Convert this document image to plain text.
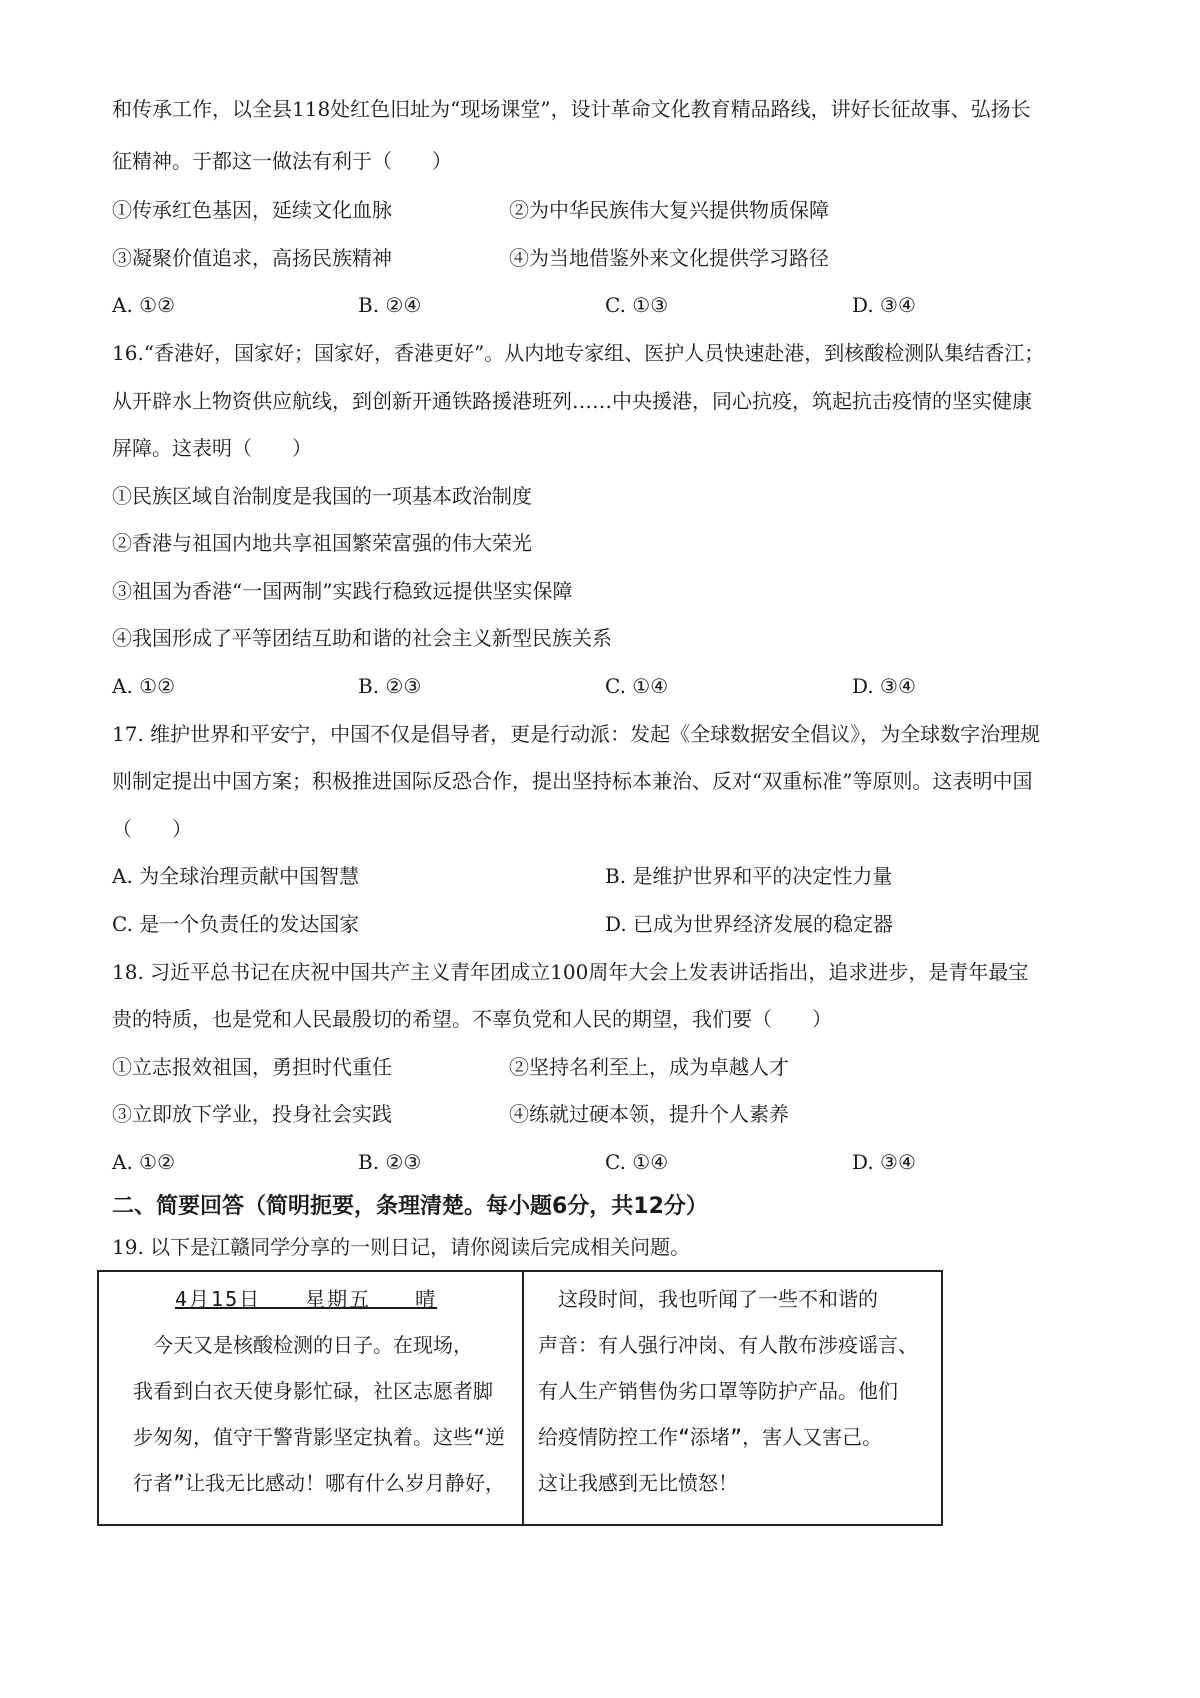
和传承工作，以全县118处红色旧址为“现场课堂”，设计革命文化教育精品路线，讲好长征故事、弘扬长
征精神。于都这一做法有利于（　　）
①传承红色基因，延续文化血脉	②为中华民族伟大复兴提供物质保障
③凝聚价值追求，高扬民族精神	④为当地借鉴外来文化提供学习路径
A. ①②	B. ②④	C. ①③	D. ③④
16.“香港好，国家好；国家好，香港更好”。从内地专家组、医护人员快速赴港，到核酸检测队集结香江；
从开辟水上物资供应航线，到创新开通铁路援港班列……中央援港，同心抗疫，筑起抗击疫情的坚实健康
屏障。这表明（　　）
①民族区域自治制度是我国的一项基本政治制度
②香港与祖国内地共享祖国繁荣富强的伟大荣光
③祖国为香港“一国两制”实践行稳致远提供坚实保障
④我国形成了平等团结互助和谐的社会主义新型民族关系
A. ①②	B. ②③	C. ①④	D. ③④
17. 维护世界和平安宁，中国不仅是倡导者，更是行动派：发起《全球数据安全倡议》，为全球数字治理规
则制定提出中国方案；积极推进国际反恐合作，提出坚持标本兼治、反对“双重标准”等原则。这表明中国
（　　）
A. 为全球治理贡献中国智慧	B. 是维护世界和平的决定性力量
C. 是一个负责任的发达国家	D. 已成为世界经济发展的稳定器
18. 习近平总书记在庆祝中国共产主义青年团成立100周年大会上发表讲话指出，追求进步，是青年最宝
贵的特质，也是党和人民最殷切的希望。不辜负党和人民的期望，我们要（　　）
①立志报效祖国，勇担时代重任	②坚持名利至上，成为卓越人才
③立即放下学业，投身社会实践	④练就过硬本领，提升个人素养
A. ①②	B. ②③	C. ①④	D. ③④
二、简要回答（简明扼要，条理清楚。每小题6分，共12分）
19. 以下是江赣同学分享的一则日记，请你阅读后完成相关问题。
4月15日　　星期五　　晴
　今天又是核酸检测的日子。在现场，
我看到白衣天使身影忙碌，社区志愿者脚
步匆匆，值守干警背影坚定执着。这些“逆
行者”让我无比感动！哪有什么岁月静好，
　这段时间，我也听闻了一些不和谐的
声音：有人强行冲岗、有人散布涉疫谣言、
有人生产销售伪劣口罩等防护产品。他们
给疫情防控工作“添堵”，害人又害己。
这让我感到无比愤怒！
